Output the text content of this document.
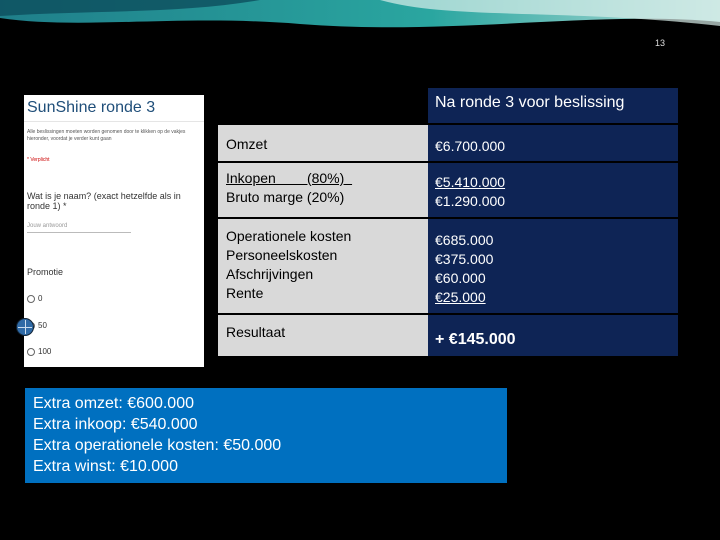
13
SunShine ronde 3
Alle beslissingen moeten worden genomen door te klikken op de vakjes hieronder, voordat je verder kunt gaan
* Verplicht
Wat is je naam? (exact hetzelfde als in ronde 1) *
Jouw antwoord
Promotie
0
50
100
Na ronde 3 voor beslissing
Omzet	€6.700.000
Inkopen        (80%)
Bruto marge (20%)
€5.410.000
€1.290.000
Operationele kosten
Personeelskosten
Afschrijvingen
Rente
€685.000
€375.000
€60.000
€25.000
Resultaat	+ €145.000
Extra omzet: €600.000
Extra inkoop: €540.000
Extra operationele kosten: €50.000
Extra winst: €10.000
